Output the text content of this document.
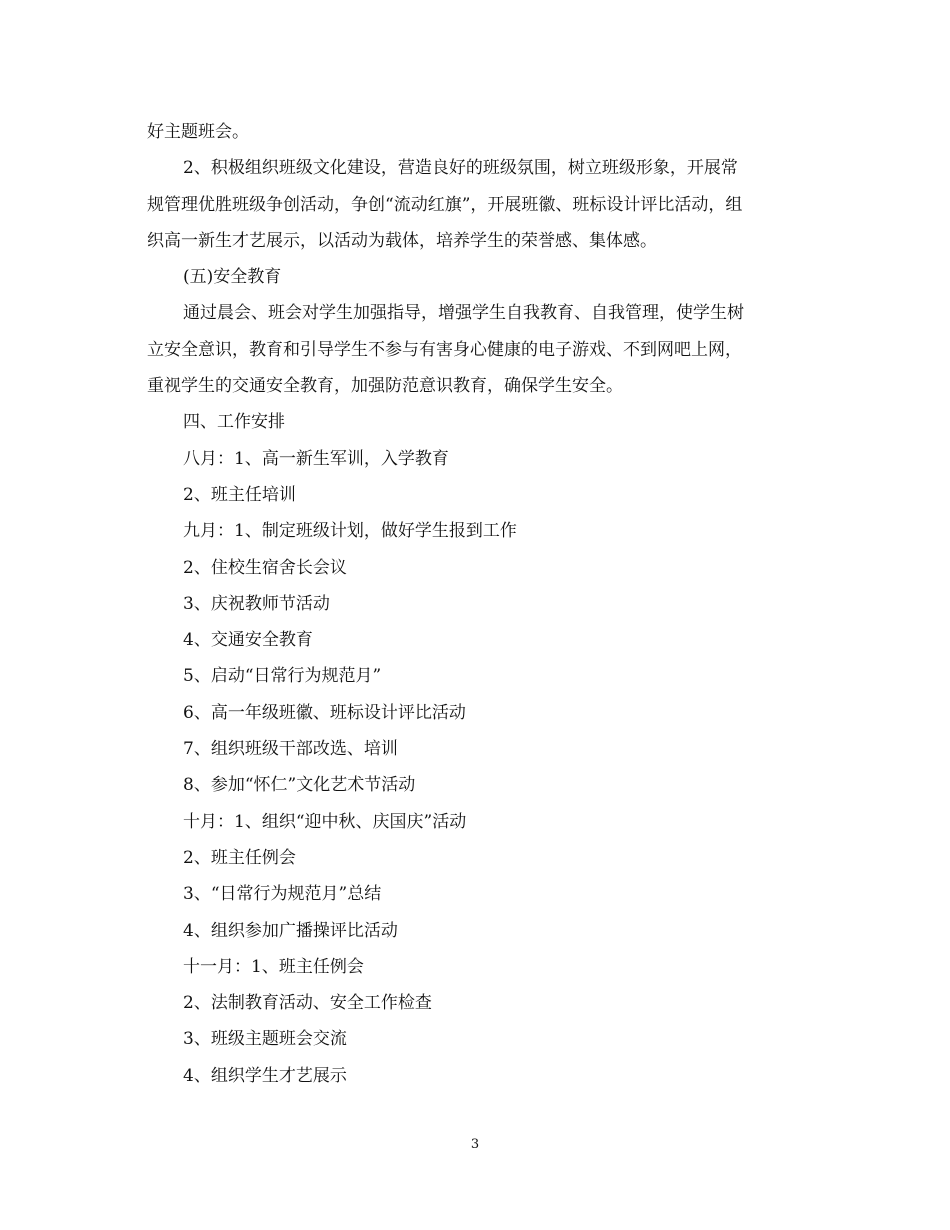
好主题班会。
2、积极组织班级文化建设，营造良好的班级氛围，树立班级形象，开展常
规管理优胜班级争创活动，争创“流动红旗”，开展班徽、班标设计评比活动，组
织高一新生才艺展示，以活动为载体，培养学生的荣誉感、集体感。
(五)安全教育
通过晨会、班会对学生加强指导，增强学生自我教育、自我管理，使学生树
立安全意识，教育和引导学生不参与有害身心健康的电子游戏、不到网吧上网，
重视学生的交通安全教育，加强防范意识教育，确保学生安全。
四、工作安排
八月：1、高一新生军训，入学教育
2、班主任培训
九月：1、制定班级计划，做好学生报到工作
2、住校生宿舍长会议
3、庆祝教师节活动
4、交通安全教育
5、启动“日常行为规范月”
6、高一年级班徽、班标设计评比活动
7、组织班级干部改选、培训
8、参加“怀仁”文化艺术节活动
十月：1、组织“迎中秋、庆国庆”活动
2、班主任例会
3、“日常行为规范月”总结
4、组织参加广播操评比活动
十一月：1、班主任例会
2、法制教育活动、安全工作检查
3、班级主题班会交流
4、组织学生才艺展示
3
